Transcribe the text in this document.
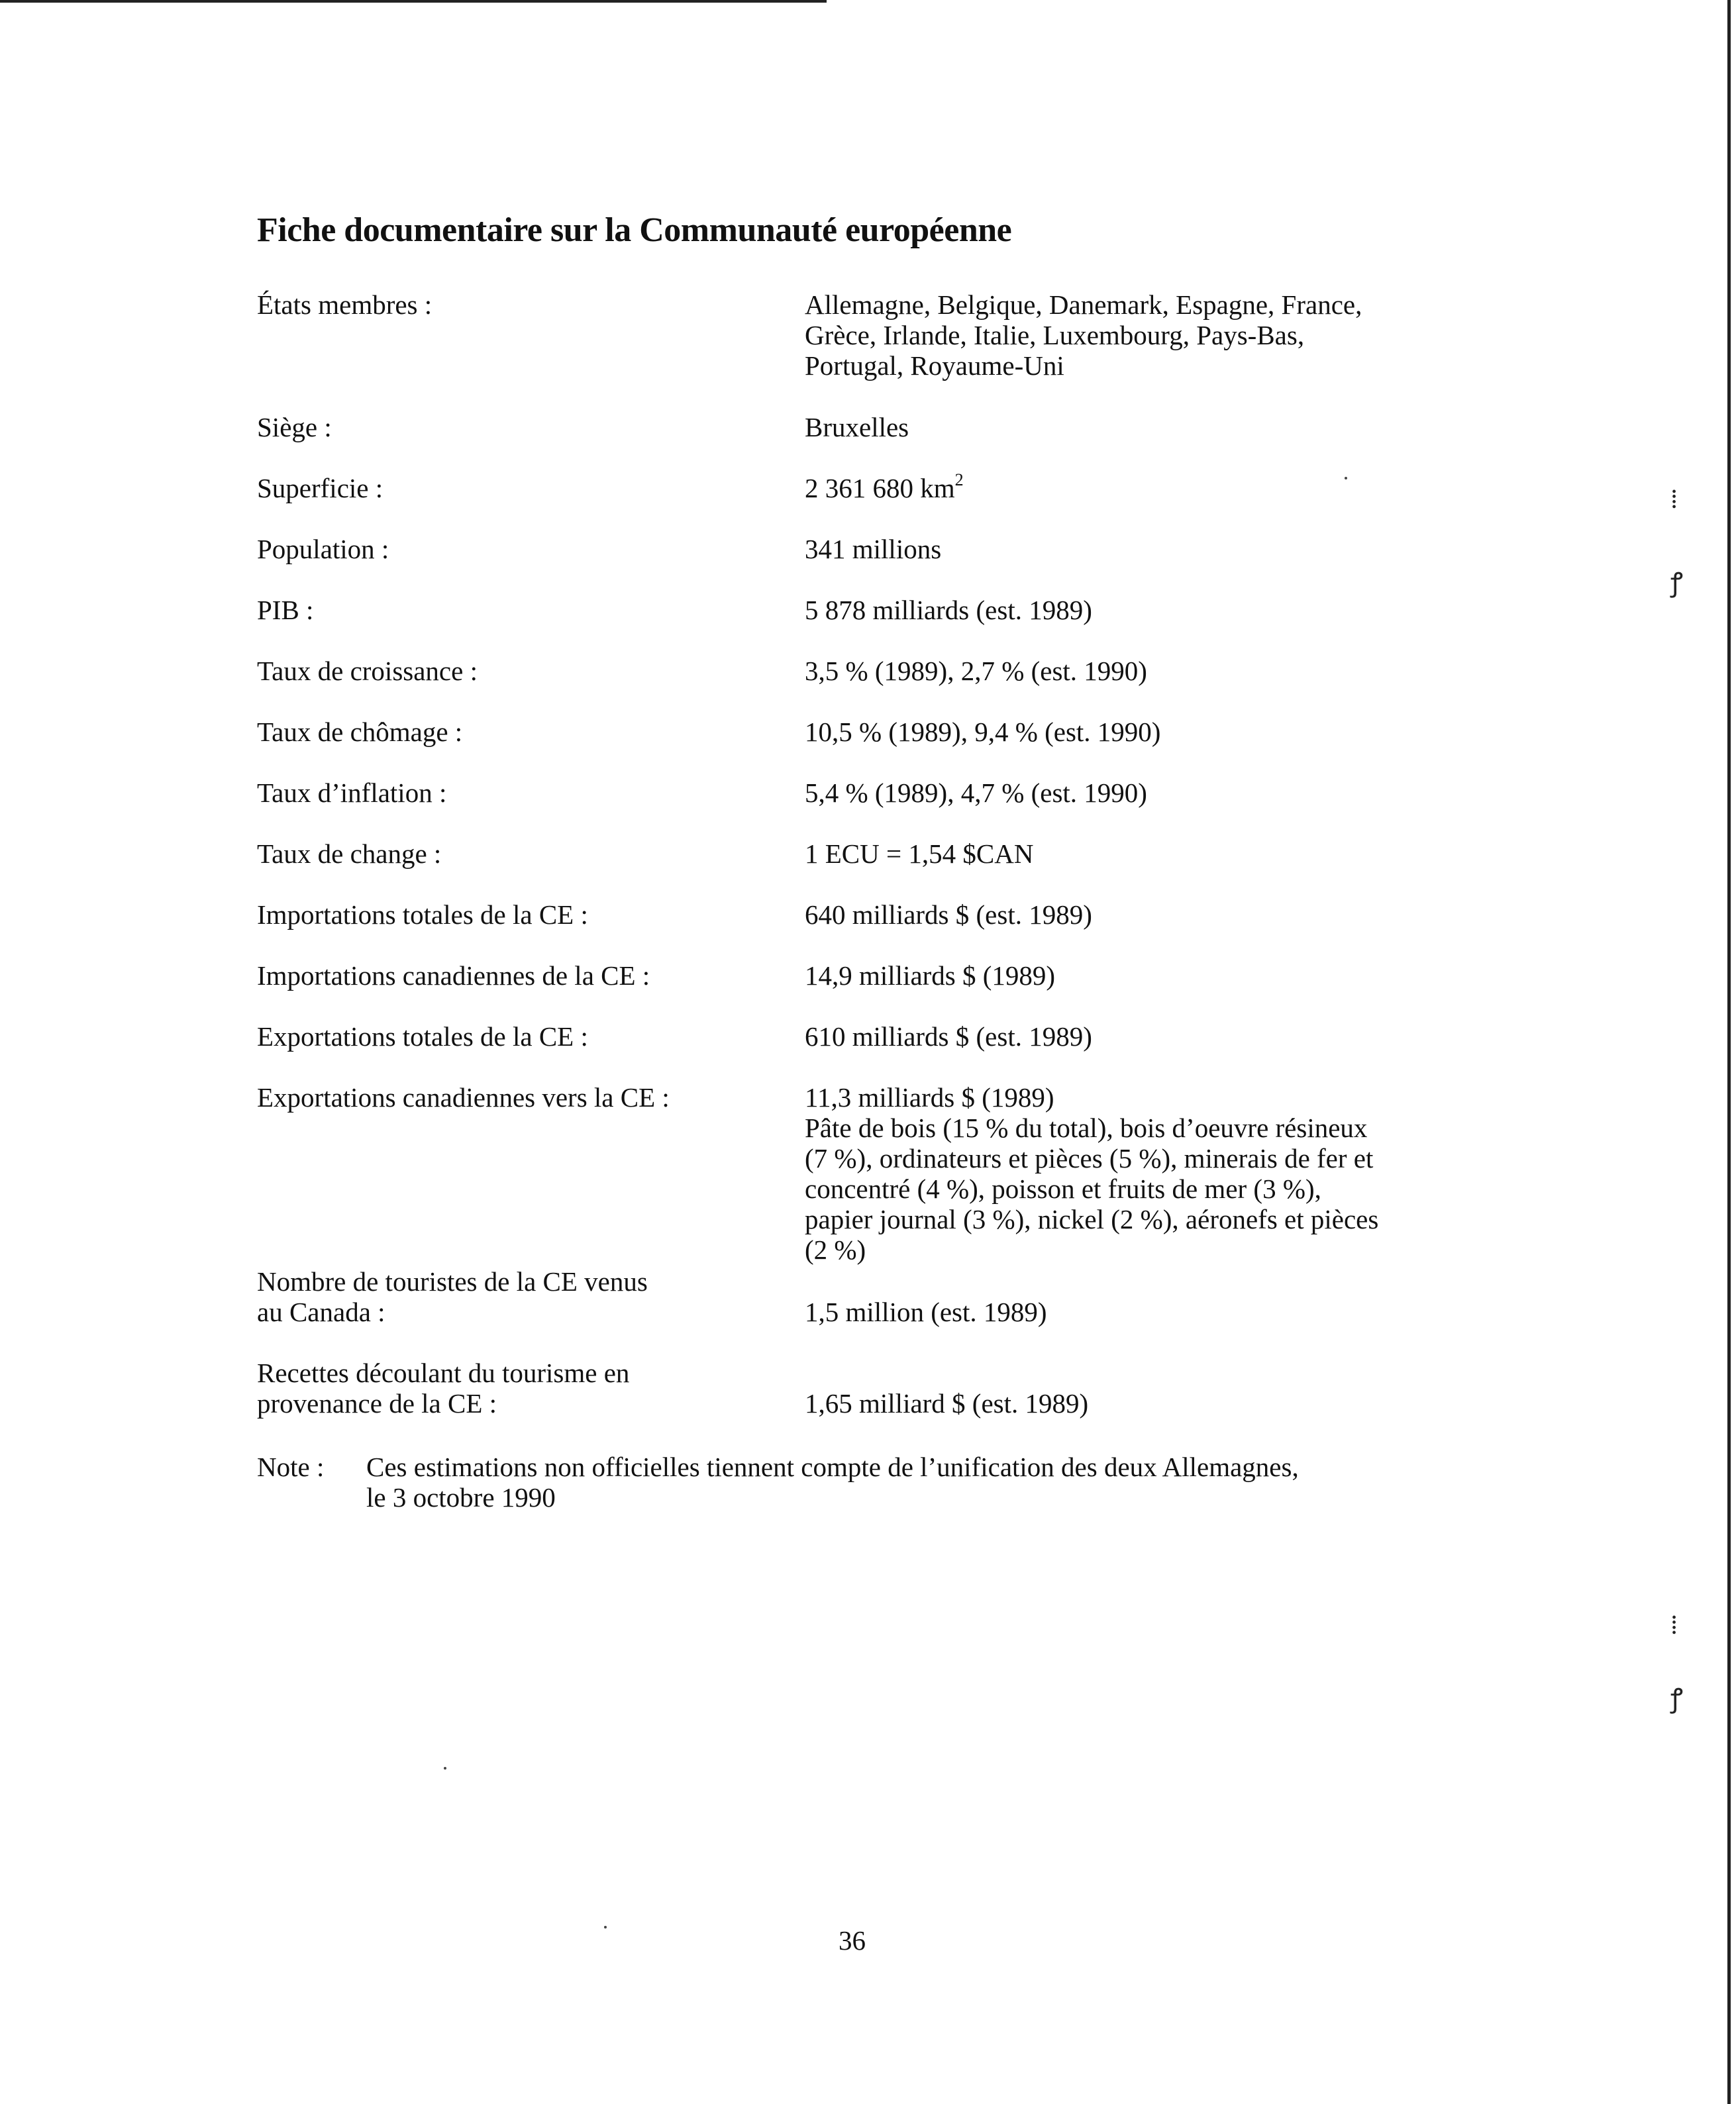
Fiche documentaire sur la Communauté européenne
États membres :	Allemagne, Belgique, Danemark, Espagne, France,
Grèce, Irlande, Italie, Luxembourg, Pays-Bas,
Portugal, Royaume-Uni
Siège :	Bruxelles
Superficie :	2 361 680 $km^2$
Population :	341 millions
PIB :	5 878 milliards (est. 1989)
Taux de croissance :	3,5 % (1989), 2,7 % (est. 1990)
Taux de chômage :	10,5 % (1989), 9,4 % (est. 1990)
Taux d’inflation :	5,4 % (1989), 4,7 % (est. 1990)
Taux de change :	1 ECU = 1,54 $CAN
Importations totales de la CE :	640 milliards $ (est. 1989)
Importations canadiennes de la CE :	14,9 milliards $ (1989)
Exportations totales de la CE :	610 milliards $ (est. 1989)
Exportations canadiennes vers la CE :	11,3 milliards $ (1989)
Pâte de bois (15 % du total), bois d’oeuvre résineux
(7 %), ordinateurs et pièces (5 %), minerais de fer et
concentré (4 %), poisson et fruits de mer (3 %),
papier journal (3 %), nickel (2 %), aéronefs et pièces
(2 %)
Nombre de touristes de la CE venus
au Canada :	1,5 million (est. 1989)
Recettes découlant du tourisme en
provenance de la CE :	1,65 milliard $ (est. 1989)
Note : Ces estimations non officielles tiennent compte de l’unification des deux Allemagnes,
le 3 octobre 1990
36
⁞
ꝭ
⁞
ꝭ
